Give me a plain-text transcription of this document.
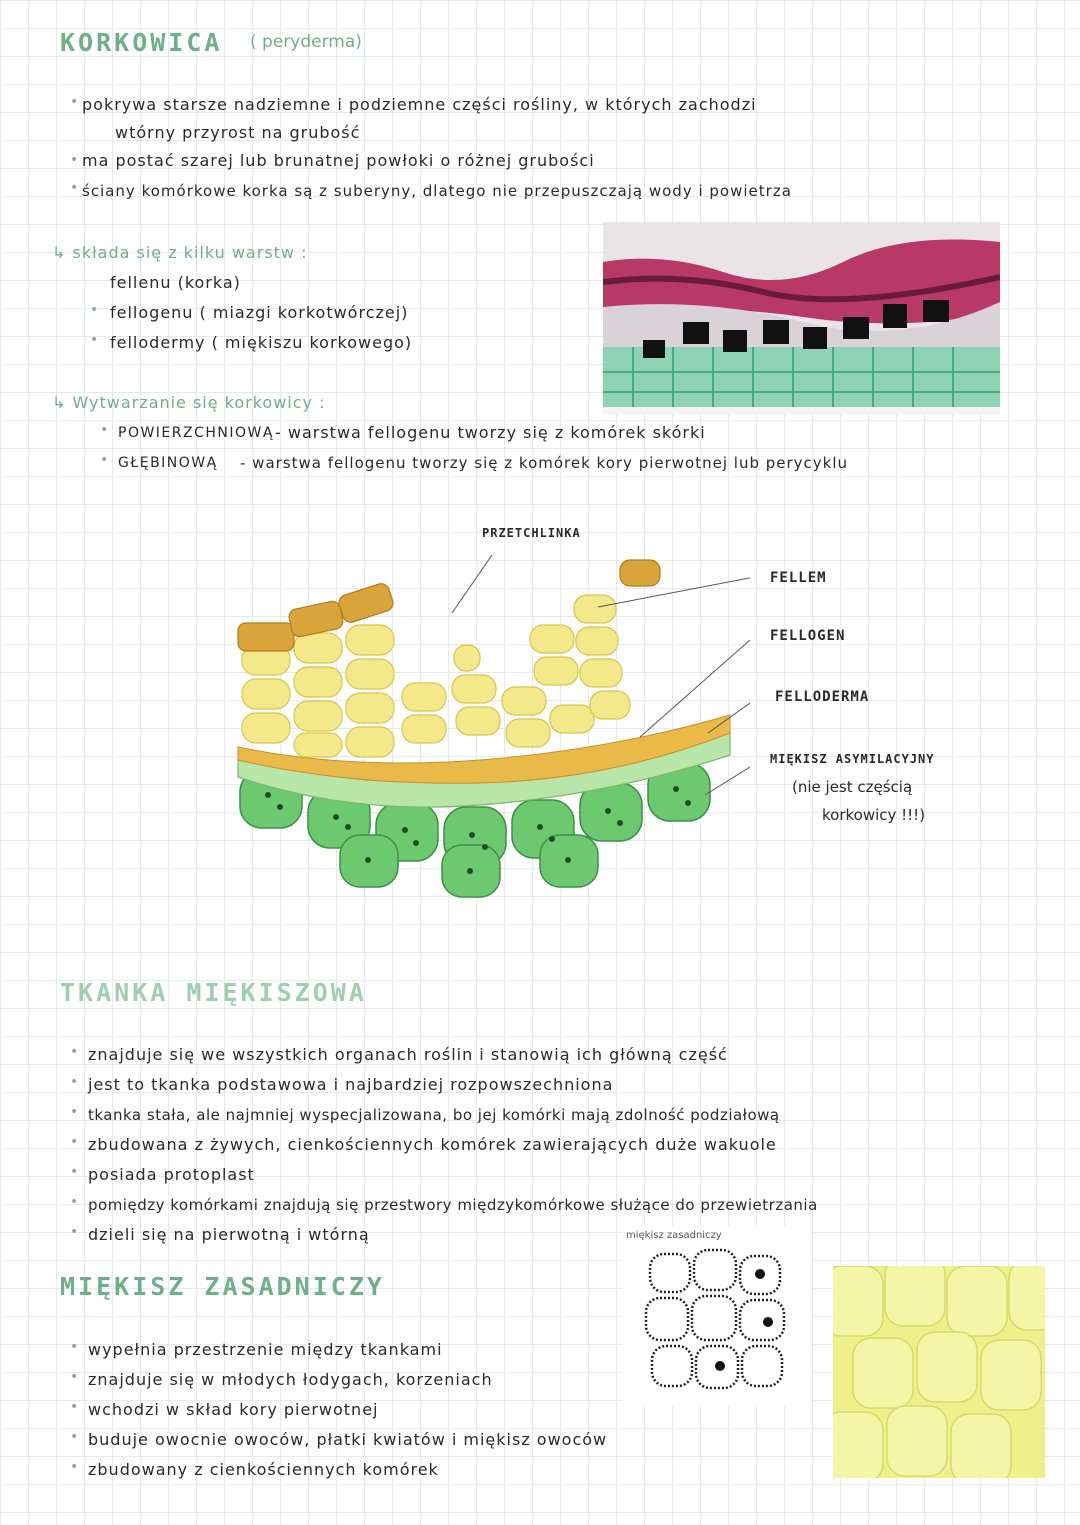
KORKOWICA ( peryderma)
pokrywa starsze nadziemne i podziemne części rośliny, w których zachodzi
wtórny przyrost na grubość
ma postać szarej lub brunatnej powłoki o różnej grubości
ściany komórkowe korka są z suberyny, dlatego nie przepuszczają wody i powietrza
•
•
•
↳ składa się z kilku warstw :
fellenu (korka)
fellogenu ( miazgi korkotwórczej)
fellodermy ( miękiszu korkowego)
•
•
↳ Wytwarzanie się korkowicy :
• POWIERZCHNIOWĄ - warstwa fellogenu tworzy się z komórek skórki
• GŁĘBINOWĄ - warstwa fellogenu tworzy się z komórek kory pierwotnej lub perycyklu
PRZETCHLINKA
FELLEM
FELLOGEN
FELLODERMA
MIĘKISZ ASYMILACYJNY
(nie jest częścią
korkowicy !!!)
TKANKA MIĘKISZOWA
• znajduje się we wszystkich organach roślin i stanowią ich główną część
• jest to tkanka podstawowa i najbardziej rozpowszechniona
• tkanka stała, ale najmniej wyspecjalizowana, bo jej komórki mają zdolność podziałową
• zbudowana z żywych, cienkościennych komórek zawierających duże wakuole
• posiada protoplast
• pomiędzy komórkami znajdują się przestwory międzykomórkowe służące do przewietrzania
• dzieli się na pierwotną i wtórną
MIĘKISZ ZASADNICZY
• wypełnia przestrzenie między tkankami
• znajduje się w młodych łodygach, korzeniach
• wchodzi w skład kory pierwotnej
• buduje owocnie owoców, płatki kwiatów i miękisz owoców
• zbudowany z cienkościennych komórek
miękisz zasadniczy
